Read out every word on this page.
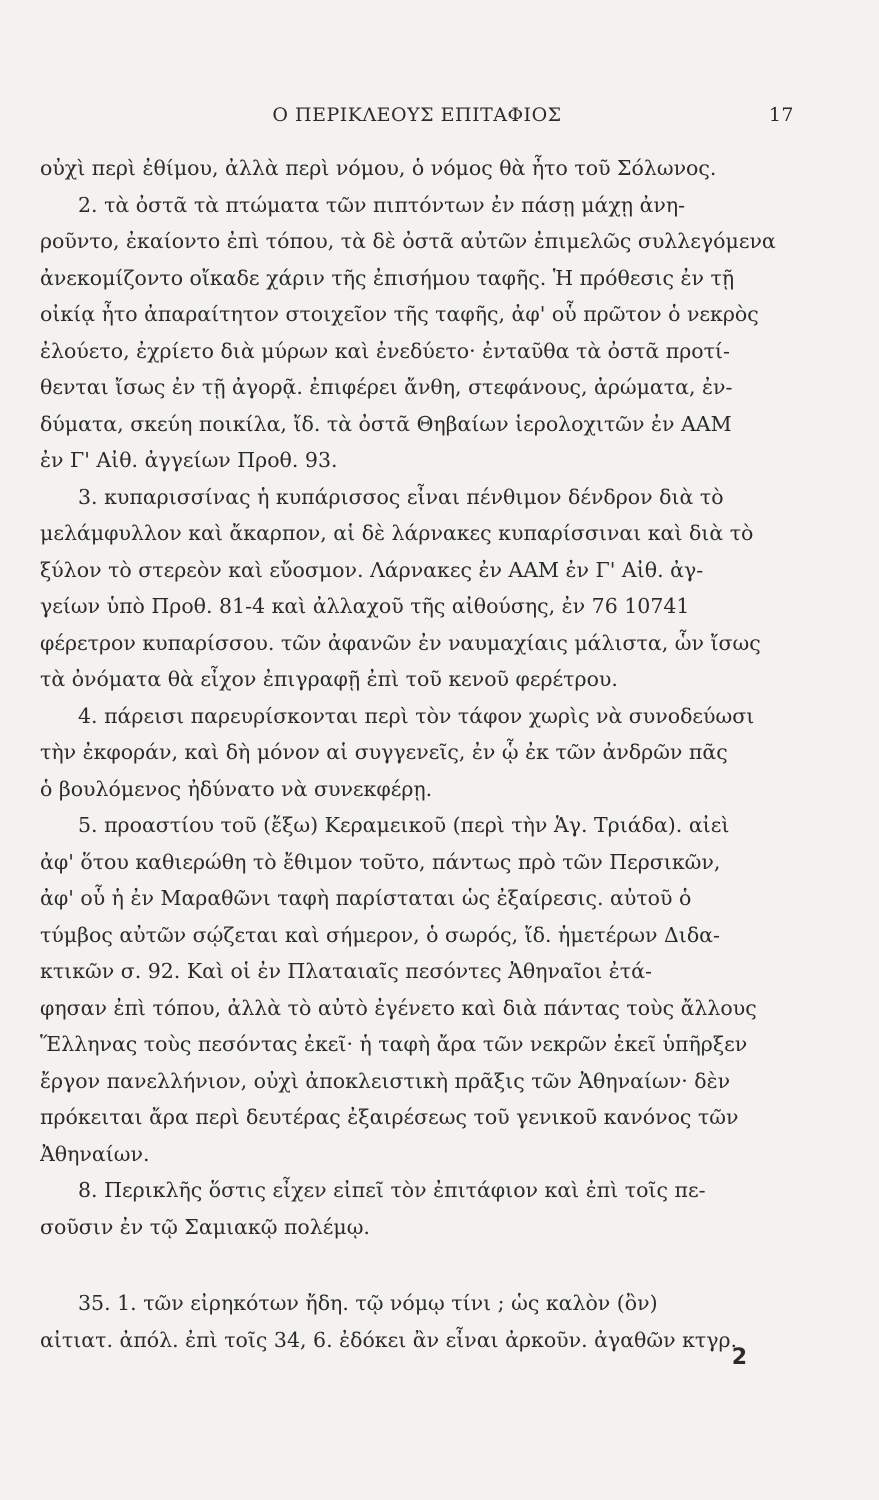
Ο ΠΕΡΙΚΛΕΟΥΣ ΕΠΙΤΑΦΙΟΣ	17
οὐχὶ περὶ ἐθίμου, ἀλλὰ περὶ νόμου, ὁ νόμος θὰ ἦτο τοῦ Σόλωνος.
2. τὰ ὀστᾶ τὰ πτώματα τῶν πιπτόντων ἐν πάσῃ μάχῃ ἀνη-
ροῦντο, ἐκαίοντο ἐπὶ τόπου, τὰ δὲ ὀστᾶ αὐτῶν ἐπιμελῶς συλλεγόμενα
ἀνεκομίζοντο οἴκαδε χάριν τῆς ἐπισήμου ταφῆς. Ἡ πρόθεσις ἐν τῇ
οἰκίᾳ ἦτο ἀπαραίτητον στοιχεῖον τῆς ταφῆς, ἀφ' οὗ πρῶτον ὁ νεκρὸς
ἐλούετο, ἐχρίετο διὰ μύρων καὶ ἐνεδύετο· ἐνταῦθα τὰ ὀστᾶ προτί-
θενται ἴσως ἐν τῇ ἀγορᾷ. ἐπιφέρει ἄνθη, στεφάνους, ἀρώματα, ἐν-
δύματα, σκεύη ποικίλα, ἴδ. τὰ ὀστᾶ Θηβαίων ἱερολοχιτῶν ἐν ΑΑΜ
ἐν Γ' Αἰθ. ἀγγείων Προθ. 93.
3. κυπαρισσίνας ἡ κυπάρισσος εἶναι πένθιμον δένδρον διὰ τὸ
μελάμφυλλον καὶ ἄκαρπον, αἱ δὲ λάρνακες κυπαρίσσιναι καὶ διὰ τὸ
ξύλον τὸ στερεὸν καὶ εὔοσμον. Λάρνακες ἐν ΑΑΜ ἐν Γ' Αἰθ. ἀγ-
γείων ὑπὸ Προθ. 81-4 καὶ ἀλλαχοῦ τῆς αἰθούσης, ἐν 76 10741
φέρετρον κυπαρίσσου. τῶν ἀφανῶν ἐν ναυμαχίαις μάλιστα, ὧν ἴσως
τὰ ὀνόματα θὰ εἶχον ἐπιγραφῇ ἐπὶ τοῦ κενοῦ φερέτρου.
4. πάρεισι παρευρίσκονται περὶ τὸν τάφον χωρὶς νὰ συνοδεύωσι
τὴν ἐκφοράν, καὶ δὴ μόνον αἱ συγγενεῖς, ἐν ᾧ ἐκ τῶν ἀνδρῶν πᾶς
ὁ βουλόμενος ἠδύνατο νὰ συνεκφέρῃ.
5. προαστίου τοῦ (ἔξω) Κεραμεικοῦ (περὶ τὴν Ἁγ. Τριάδα). αἰεὶ
ἀφ' ὅτου καθιερώθη τὸ ἔθιμον τοῦτο, πάντως πρὸ τῶν Περσικῶν,
ἀφ' οὗ ἡ ἐν Μαραθῶνι ταφὴ παρίσταται ὡς ἐξαίρεσις. αὐτοῦ ὁ
τύμβος αὐτῶν σῴζεται καὶ σήμερον, ὁ σωρός, ἴδ. ἡμετέρων Διδα-
κτικῶν σ. 92. Καὶ οἱ ἐν Πλαταιαῖς πεσόντες Ἀθηναῖοι ἐτά-
φησαν ἐπὶ τόπου, ἀλλὰ τὸ αὐτὸ ἐγένετο καὶ διὰ πάντας τοὺς ἄλλους
Ἕλληνας τοὺς πεσόντας ἐκεῖ· ἡ ταφὴ ἄρα τῶν νεκρῶν ἐκεῖ ὑπῆρξεν
ἔργον πανελλήνιον, οὐχὶ ἀποκλειστικὴ πρᾶξις τῶν Ἀθηναίων· δὲν
πρόκειται ἄρα περὶ δευτέρας ἐξαιρέσεως τοῦ γενικοῦ κανόνος τῶν
Ἀθηναίων.
8. Περικλῆς ὅστις εἶχεν εἰπεῖ τὸν ἐπιτάφιον καὶ ἐπὶ τοῖς πε-
σοῦσιν ἐν τῷ Σαμιακῷ πολέμῳ.
35. 1. τῶν εἰρηκότων ἤδη. τῷ νόμῳ τίνι ; ὡς καλὸν (ὂν)
αἰτιατ. ἀπόλ. ἐπὶ τοῖς 34, 6. ἐδόκει ἂν εἶναι ἀρκοῦν. ἀγαθῶν κτγρ.
2
